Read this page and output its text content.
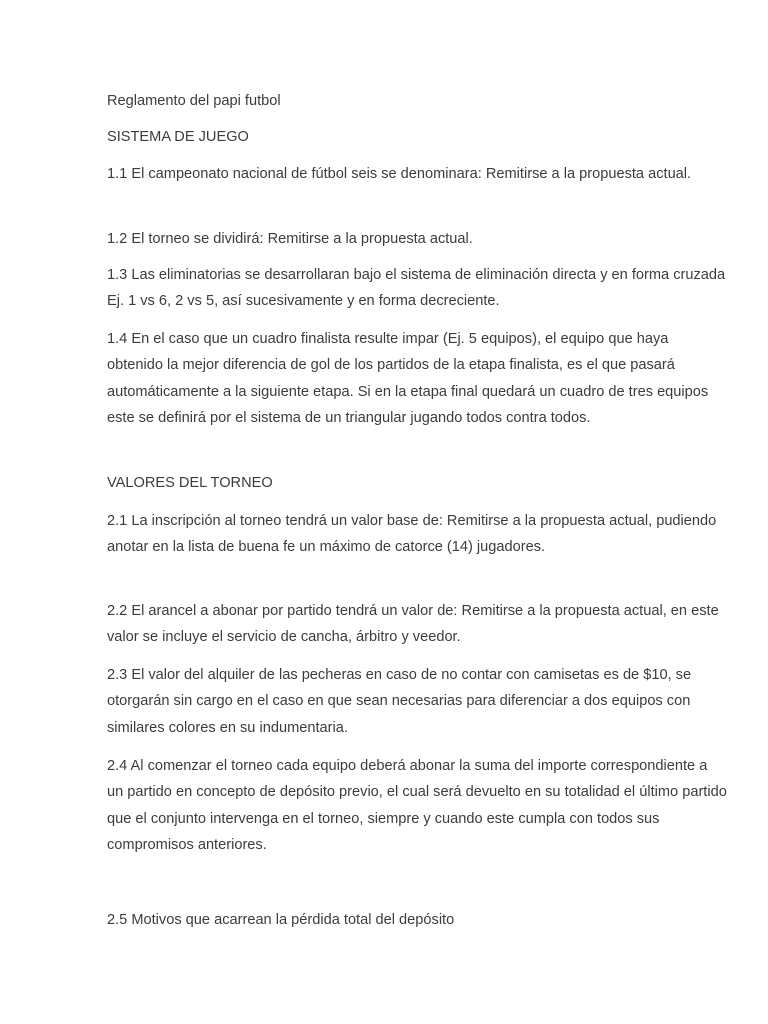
Reglamento del papi futbol

SISTEMA DE JUEGO

1.1 El campeonato nacional de fútbol seis se denominara: Remitirse a la propuesta actual.

1.2 El torneo se dividirá: Remitirse a la propuesta actual.

1.3 Las eliminatorias se desarrollaran bajo el sistema de eliminación directa y en forma cruzada Ej. 1 vs 6, 2 vs 5, así sucesivamente y en forma decreciente.

1.4 En el caso que un cuadro finalista resulte impar (Ej. 5 equipos), el equipo que haya obtenido la mejor diferencia de gol de los partidos de la etapa finalista, es el que pasará automáticamente a la siguiente etapa. Si en la etapa final quedará un cuadro de tres equipos este se definirá por el sistema de un triangular jugando todos contra todos.

VALORES DEL TORNEO

2.1 La inscripción al torneo tendrá un valor base de: Remitirse a la propuesta actual, pudiendo anotar en la lista de buena fe un máximo de catorce (14) jugadores.

2.2 El arancel a abonar por partido tendrá un valor de: Remitirse a la propuesta actual, en este valor se incluye el servicio de cancha, árbitro y veedor.

2.3 El valor del alquiler de las pecheras en caso de no contar con camisetas es de $10, se otorgarán sin cargo en el caso en que sean necesarias para diferenciar a dos equipos con similares colores en su indumentaria.

2.4 Al comenzar el torneo cada equipo deberá abonar la suma del importe correspondiente a un partido en concepto de depósito previo, el cual será devuelto en su totalidad el último partido que el conjunto intervenga en el torneo, siempre y cuando este cumpla con todos sus compromisos anteriores.

2.5 Motivos que acarrean la pérdida total del depósito
